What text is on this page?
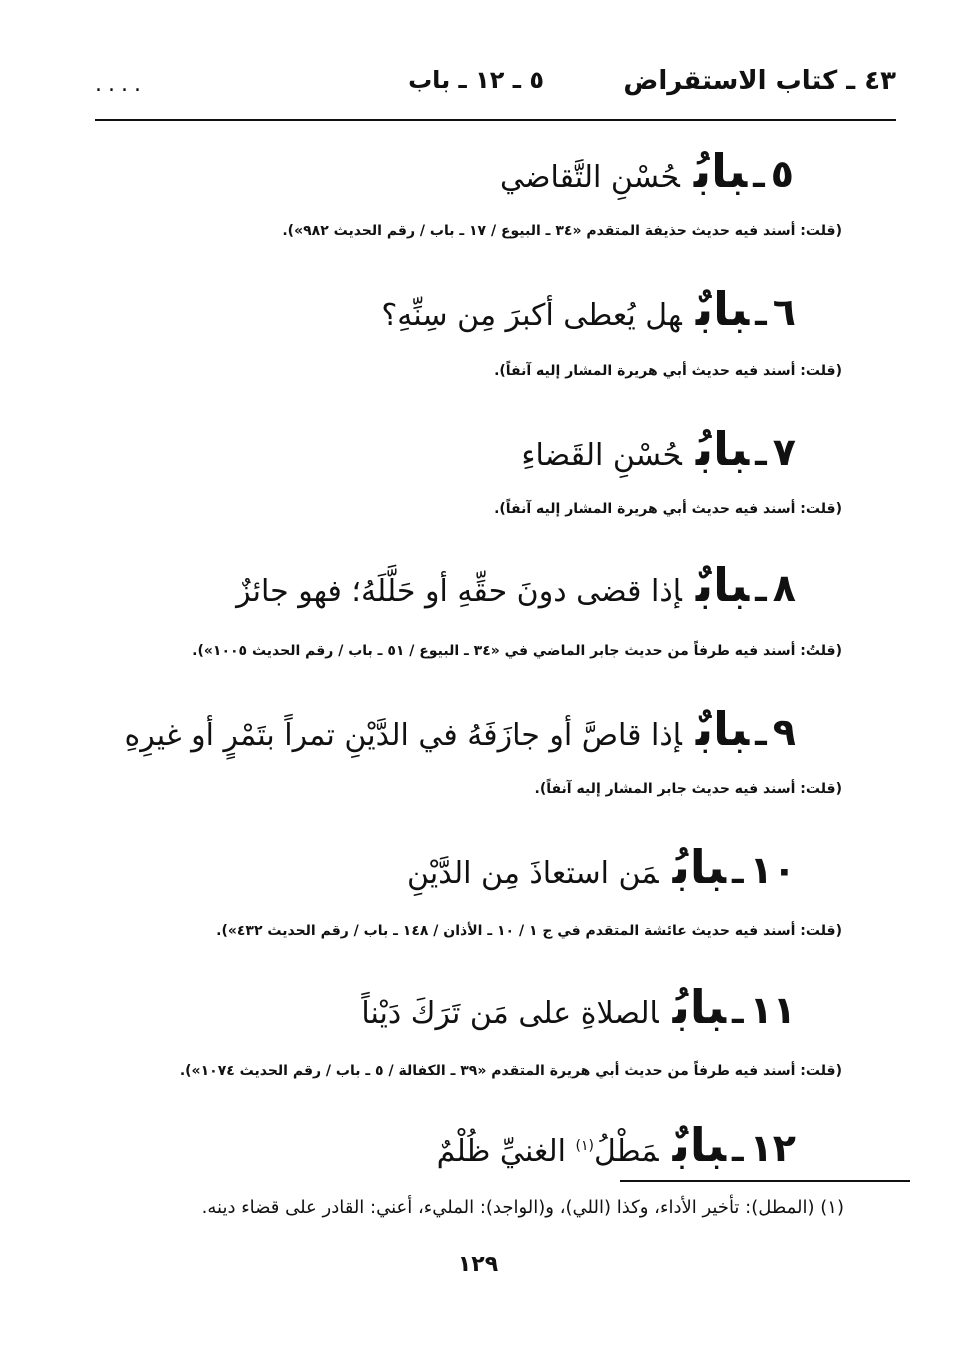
٤٣ ـ كتاب الاستقراض
٥ ـ ١٢ ـ باب
....
٥ـبابُحُسْنِ التَّقاضي
(قلت: أسند فيه حديث حذيفة المتقدم «٣٤ ـ البيوع / ١٧ ـ باب / رقم الحديث ٩٨٢»).
٦ـبابٌهل يُعطى أكبرَ مِن سِنِّهِ؟
(قلت: أسند فيه حديث أبي هريرة المشار إليه آنفاً).
٧ـبابُحُسْنِ القَضاءِ
(قلت: أسند فيه حديث أبي هريرة المشار إليه آنفاً).
٨ـبابٌإذا قضى دونَ حقِّهِ أو حَلَّلَهُ؛ فهو جائزٌ
(قلتُ: أسند فيه طرفاً من حديث جابر الماضي في «٣٤ ـ البيوع / ٥١ ـ باب / رقم الحديث ١٠٠٥»).
٩ـبابٌإذا قاصَّ أو جازَفَهُ في الدَّيْنِ تمراً بتَمْرٍ أو غيرِهِ
(قلت: أسند فيه حديث جابر المشار إليه آنفاً).
١٠ـبابُمَن استعاذَ مِن الدَّيْنِ
(قلت: أسند فيه حديث عائشة المتقدم في ج ١ / ١٠ ـ الأذان / ١٤٨ ـ باب / رقم الحديث ٤٣٢»).
١١ـبابُالصلاةِ على مَن تَرَكَ دَيْناً
(قلت: أسند فيه طرفاً من حديث أبي هريرة المتقدم «٣٩ ـ الكفالة / ٥ ـ باب / رقم الحديث ١٠٧٤»).
١٢ـبابٌمَطْلُ$^{(١)}$ الغنيِّ ظُلْمٌ
(١) (المطل): تأخير الأداء، وكذا (اللي)، و(الواجد): المليء، أعني: القادر على قضاء دينه.
١٢٩
